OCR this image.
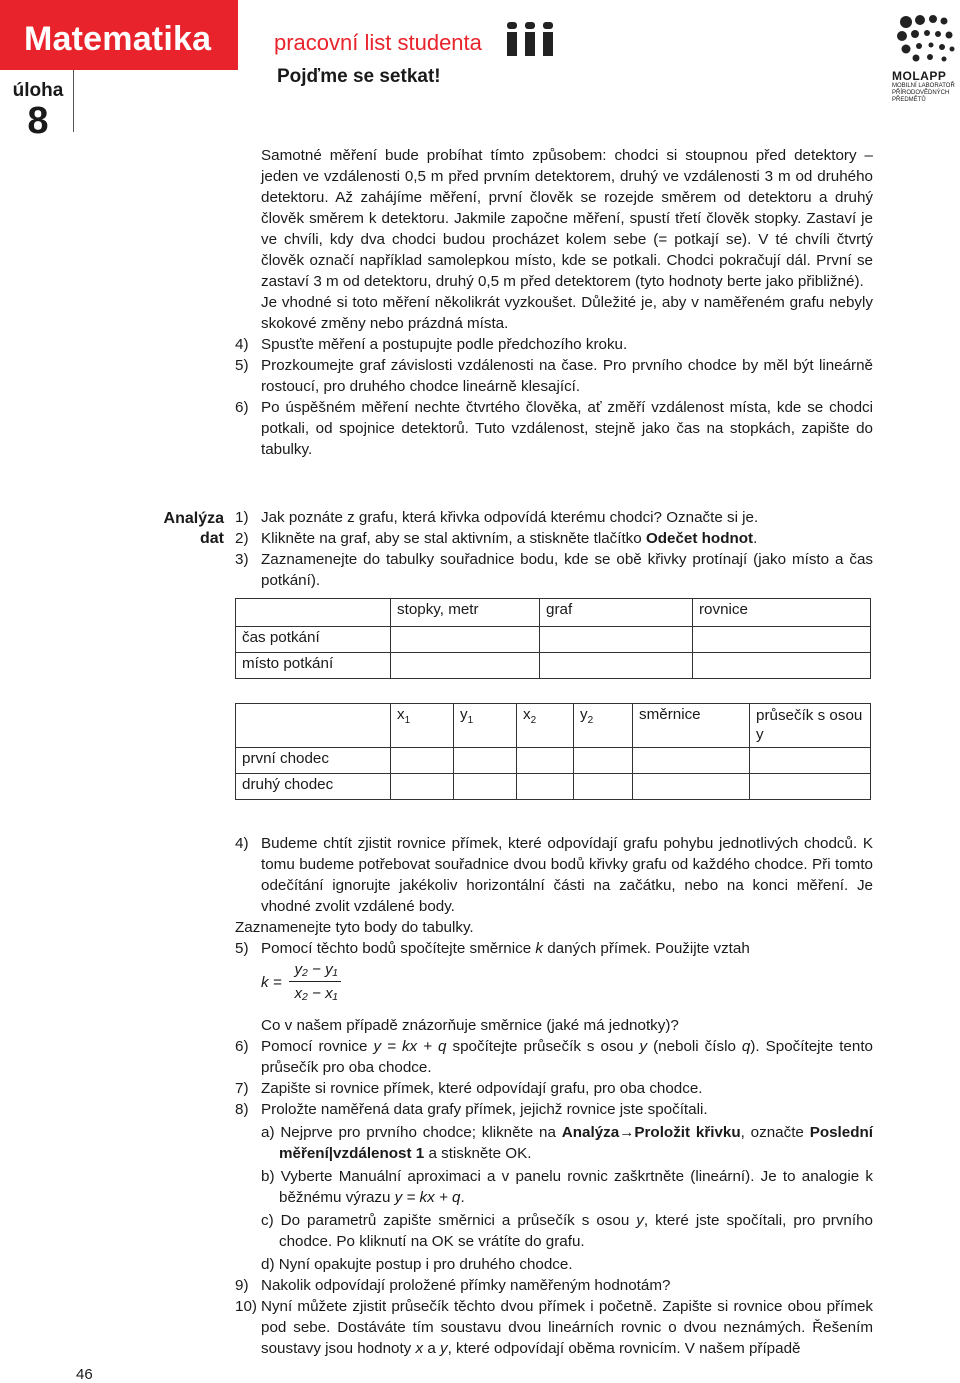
Matematika
úloha
8
pracovní list studenta
Pojďme se setkat!	MOLAPP
MOBILNÍ LABORATOŘ
PŘÍRODOVĚDNÝCH
PŘEDMĚTŮ

Samotné měření bude probíhat tímto způsobem: chodci si stoupnou před detektory – jeden ve vzdálenosti 0,5 m před prvním detektorem, druhý ve vzdálenosti 3 m od druhého detektoru. Až zahájíme měření, první člověk se rozejde směrem od detektoru a druhý člověk směrem k detektoru. Jakmile započne měření, spustí třetí člověk stopky. Zastaví je ve chvíli, kdy dva chodci budou procházet kolem sebe (= potkají se). V té chvíli čtvrtý člověk označí například samolepkou místo, kde se potkali. Chodci pokračují dál. První se zastaví 3 m od detektoru, druhý 0,5 m před detektorem (tyto hodnoty berte jako přibližné).

Je vhodné si toto měření několikrát vyzkoušet. Důležité je, aby v naměřeném grafu nebyly skokové změny nebo prázdná místa.

4) Spusťte měření a postupujte podle předchozího kroku.
5) Prozkoumejte graf závislosti vzdálenosti na čase. Pro prvního chodce by měl být lineárně rostoucí, pro druhého chodce lineárně klesající.
6) Po úspěšném měření nechte čtvrtého člověka, ať změří vzdálenost místa, kde se chodci potkali, od spojnice detektorů. Tuto vzdálenost, stejně jako čas na stopkách, zapište do tabulky.
Analýza
dat
1) Jak poznáte z grafu, která křivka odpovídá kterému chodci? Označte si je.
2) Klikněte na graf, aby se stal aktivním, a stiskněte tlačítko Odečet hodnot.
3) Zaznamenejte do tabulky souřadnice bodu, kde se obě křivky protínají (jako místo a čas potkání).
	stopky, metr	graf	rovnice
čas potkání			
místo potkání			
	$x_1$	$y_1$	$x_2$	$y_2$	směrnice	průsečík s osou y
první chodec						
druhý chodec						
4) Budeme chtít zjistit rovnice přímek, které odpovídají grafu pohybu jednotlivých chodců. K tomu budeme potřebovat souřadnice dvou bodů křivky grafu od každého chodce. Při tomto odečítání ignorujte jakékoliv horizontální části na začátku, nebo na konci měření. Je vhodné zvolit vzdálené body.

Zaznamenejte tyto body do tabulky.

5) Pomocí těchto bodů spočítejte směrnice k daných přímek. Použijte vztah
k =
y₂ − y₁
x₂ − x₁

Co v našem případě znázorňuje směrnice (jaké má jednotky)?

6) Pomocí rovnice y = kx + q spočítejte průsečík s osou y (neboli číslo q). Spočítejte tento průsečík pro oba chodce.
7) Zapište si rovnice přímek, které odpovídají grafu, pro oba chodce.
8) Proložte naměřená data grafy přímek, jejichž rovnice jste spočítali.
a) Nejprve pro prvního chodce; klikněte na Analýza→Proložit křivku, označte Poslední měření|vzdálenost 1 a stiskněte OK.
b) Vyberte Manuální aproximaci a v panelu rovnic zaškrtněte (lineární). Je to analogie k běžnému výrazu y = kx + q.
c) Do parametrů zapište směrnici a průsečík s osou y, které jste spočítali, pro prvního chodce. Po kliknutí na OK se vrátíte do grafu.
d) Nyní opakujte postup i pro druhého chodce.
9) Nakolik odpovídají proložené přímky naměřeným hodnotám?
10) Nyní můžete zjistit průsečík těchto dvou přímek i početně. Zapište si rovnice obou přímek pod sebe. Dostáváte tím soustavu dvou lineárních rovnic o dvou neznámých. Řešením soustavy jsou hodnoty x a y, které odpovídají oběma rovnicím. V našem případě
46
